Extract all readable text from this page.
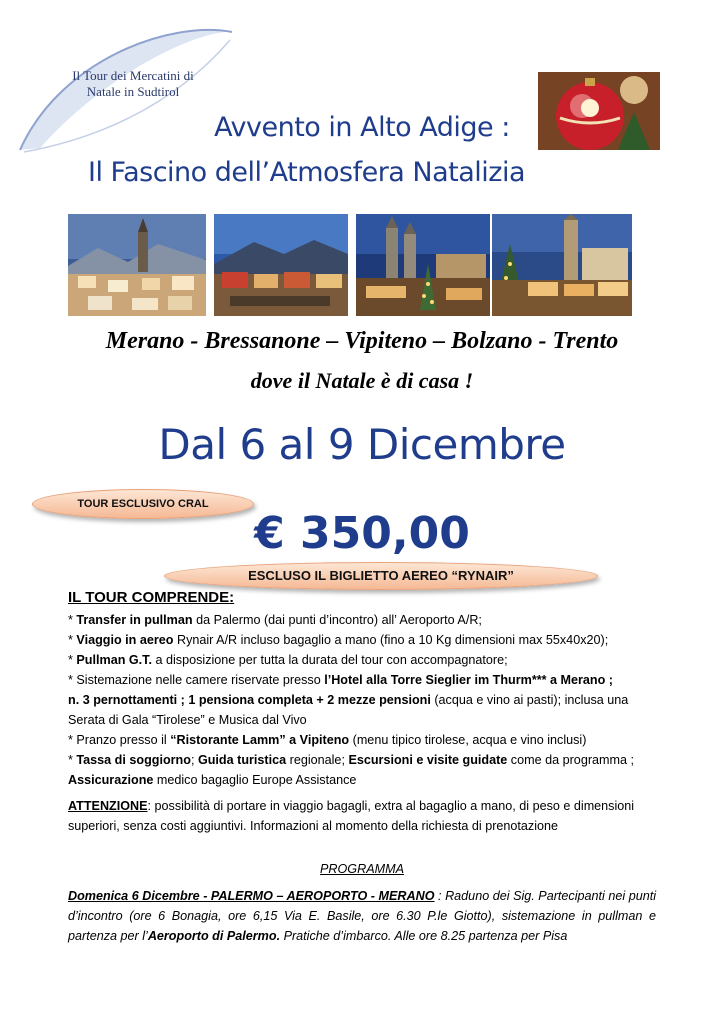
Il Tour dei Mercatini di
Natale in Sudtirol
Avvento in Alto Adige :
Il Fascino dell’Atmosfera Natalizia
Merano - Bressanone – Vipiteno – Bolzano - Trento
dove il Natale è di casa !
Dal 6 al 9 Dicembre
TOUR ESCLUSIVO CRAL
€ 350,00
ESCLUSO IL BIGLIETTO AEREO “RYNAIR”
IL TOUR COMPRENDE:
* Transfer in pullman da Palermo (dai punti d’incontro) all’ Aeroporto A/R;
* Viaggio in aereo Rynair A/R incluso bagaglio a mano (fino a 10 Kg dimensioni max 55x40x20);
* Pullman G.T. a disposizione per tutta la durata del tour con accompagnatore;
* Sistemazione nelle camere riservate presso l’Hotel alla Torre Sieglier im Thurm*** a Merano ;
n. 3 pernottamenti ; 1 pensiona completa + 2 mezze pensioni (acqua e vino ai pasti); inclusa una Serata di Gala “Tirolese” e Musica dal Vivo
* Pranzo presso il “Ristorante Lamm” a Vipiteno (menu tipico tirolese, acqua e vino inclusi)
* Tassa di soggiorno; Guida turistica regionale; Escursioni e visite guidate come da programma ;
Assicurazione medico bagaglio Europe Assistance
ATTENZIONE: possibilità di portare in viaggio bagagli, extra al bagaglio a mano, di peso e dimensioni superiori, senza costi aggiuntivi. Informazioni al momento della richiesta di prenotazione
PROGRAMMA
Domenica 6 Dicembre - PALERMO – AEROPORTO - MERANO : Raduno dei Sig. Partecipanti nei punti d’incontro (ore 6 Bonagia, ore 6,15 Via E. Basile, ore 6.30 P.le Giotto), sistemazione in pullman e partenza per l’Aeroporto di Palermo. Pratiche d’imbarco. Alle ore 8.25 partenza per Pisa
